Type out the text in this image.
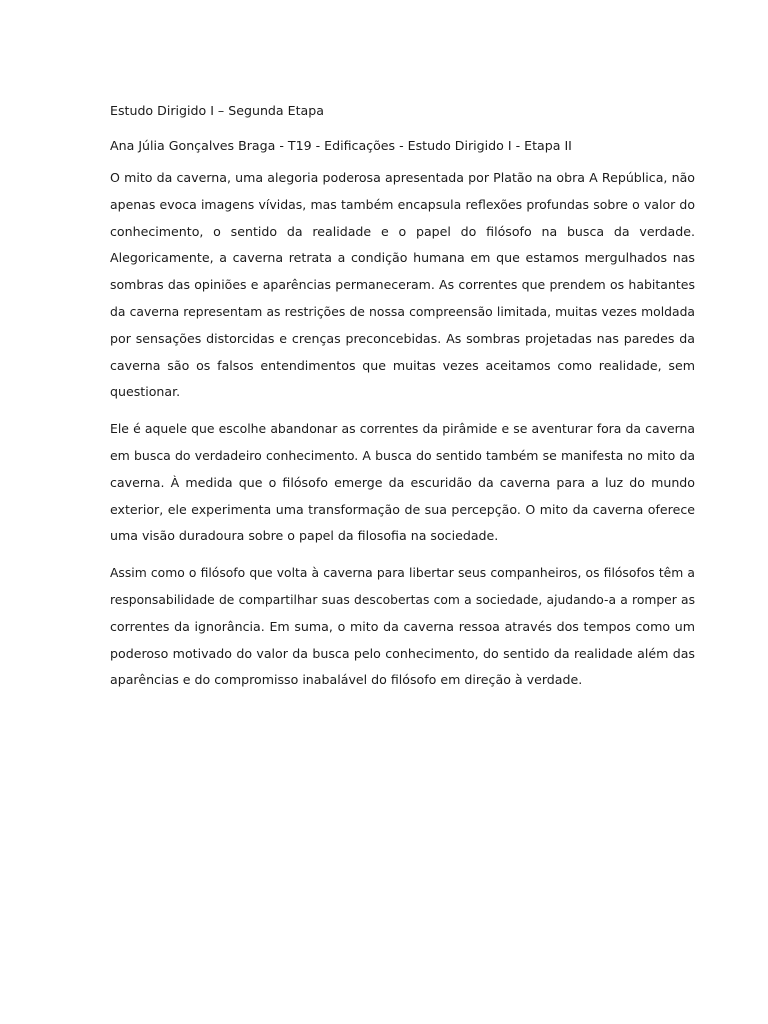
Estudo Dirigido I – Segunda Etapa

Ana Júlia Gonçalves Braga - T19 - Edificações - Estudo Dirigido I - Etapa II

O mito da caverna, uma alegoria poderosa apresentada por Platão na obra A República, não
apenas evoca imagens vívidas, mas também encapsula reflexões profundas sobre o valor do
conhecimento, o sentido da realidade e o papel do filósofo na busca da verdade.
Alegoricamente, a caverna retrata a condição humana em que estamos mergulhados nas
sombras das opiniões e aparências permaneceram. As correntes que prendem os habitantes
da caverna representam as restrições de nossa compreensão limitada, muitas vezes moldada
por sensações distorcidas e crenças preconcebidas. As sombras projetadas nas paredes da
caverna são os falsos entendimentos que muitas vezes aceitamos como realidade, sem
questionar.
Ele é aquele que escolhe abandonar as correntes da pirâmide e se aventurar fora da caverna
em busca do verdadeiro conhecimento. A busca do sentido também se manifesta no mito da
caverna. À medida que o filósofo emerge da escuridão da caverna para a luz do mundo
exterior, ele experimenta uma transformação de sua percepção. O mito da caverna oferece
uma visão duradoura sobre o papel da filosofia na sociedade.
Assim como o filósofo que volta à caverna para libertar seus companheiros, os filósofos têm a
responsabilidade de compartilhar suas descobertas com a sociedade, ajudando-a a romper as
correntes da ignorância. Em suma, o mito da caverna ressoa através dos tempos como um
poderoso motivado do valor da busca pelo conhecimento, do sentido da realidade além das
aparências e do compromisso inabalável do filósofo em direção à verdade.
